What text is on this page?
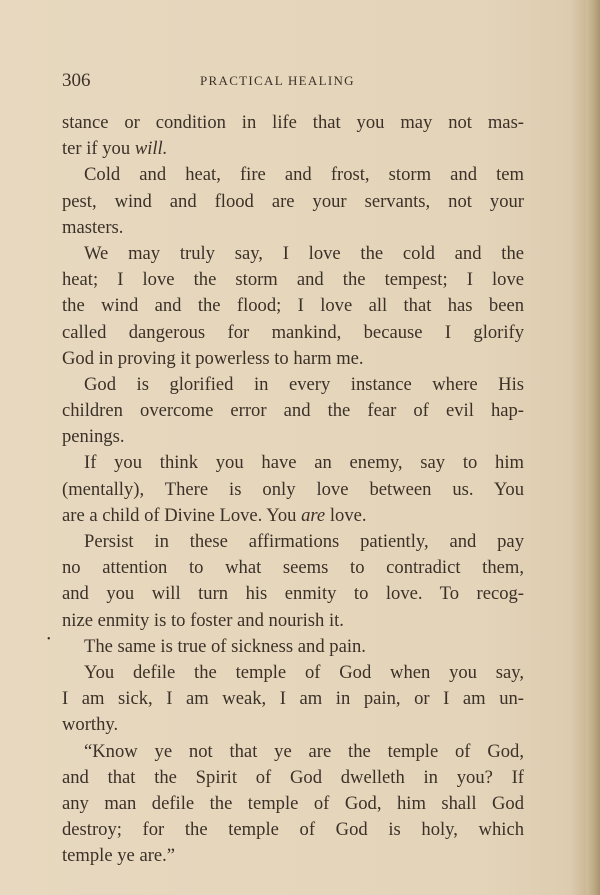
306	PRACTICAL HEALING
•
stance or condition in life that you may not mas-
ter if you will.
Cold and heat, fire and frost, storm and tem
pest, wind and flood are your servants, not your
masters.
We may truly say, I love the cold and the
heat; I love the storm and the tempest; I love
the wind and the flood; I love all that has been
called dangerous for mankind, because I glorify
God in proving it powerless to harm me.
God is glorified in every instance where His
children overcome error and the fear of evil hap-
penings.
If you think you have an enemy, say to him
(mentally), There is only love between us. You
are a child of Divine Love. You are love.
Persist in these affirmations patiently, and pay
no attention to what seems to contradict them,
and you will turn his enmity to love. To recog-
nize enmity is to foster and nourish it.
The same is true of sickness and pain.
You defile the temple of God when you say,
I am sick, I am weak, I am in pain, or I am un-
worthy.
“Know ye not that ye are the temple of God,
and that the Spirit of God dwelleth in you? If
any man defile the temple of God, him shall God
destroy; for the temple of God is holy, which
temple ye are.”
